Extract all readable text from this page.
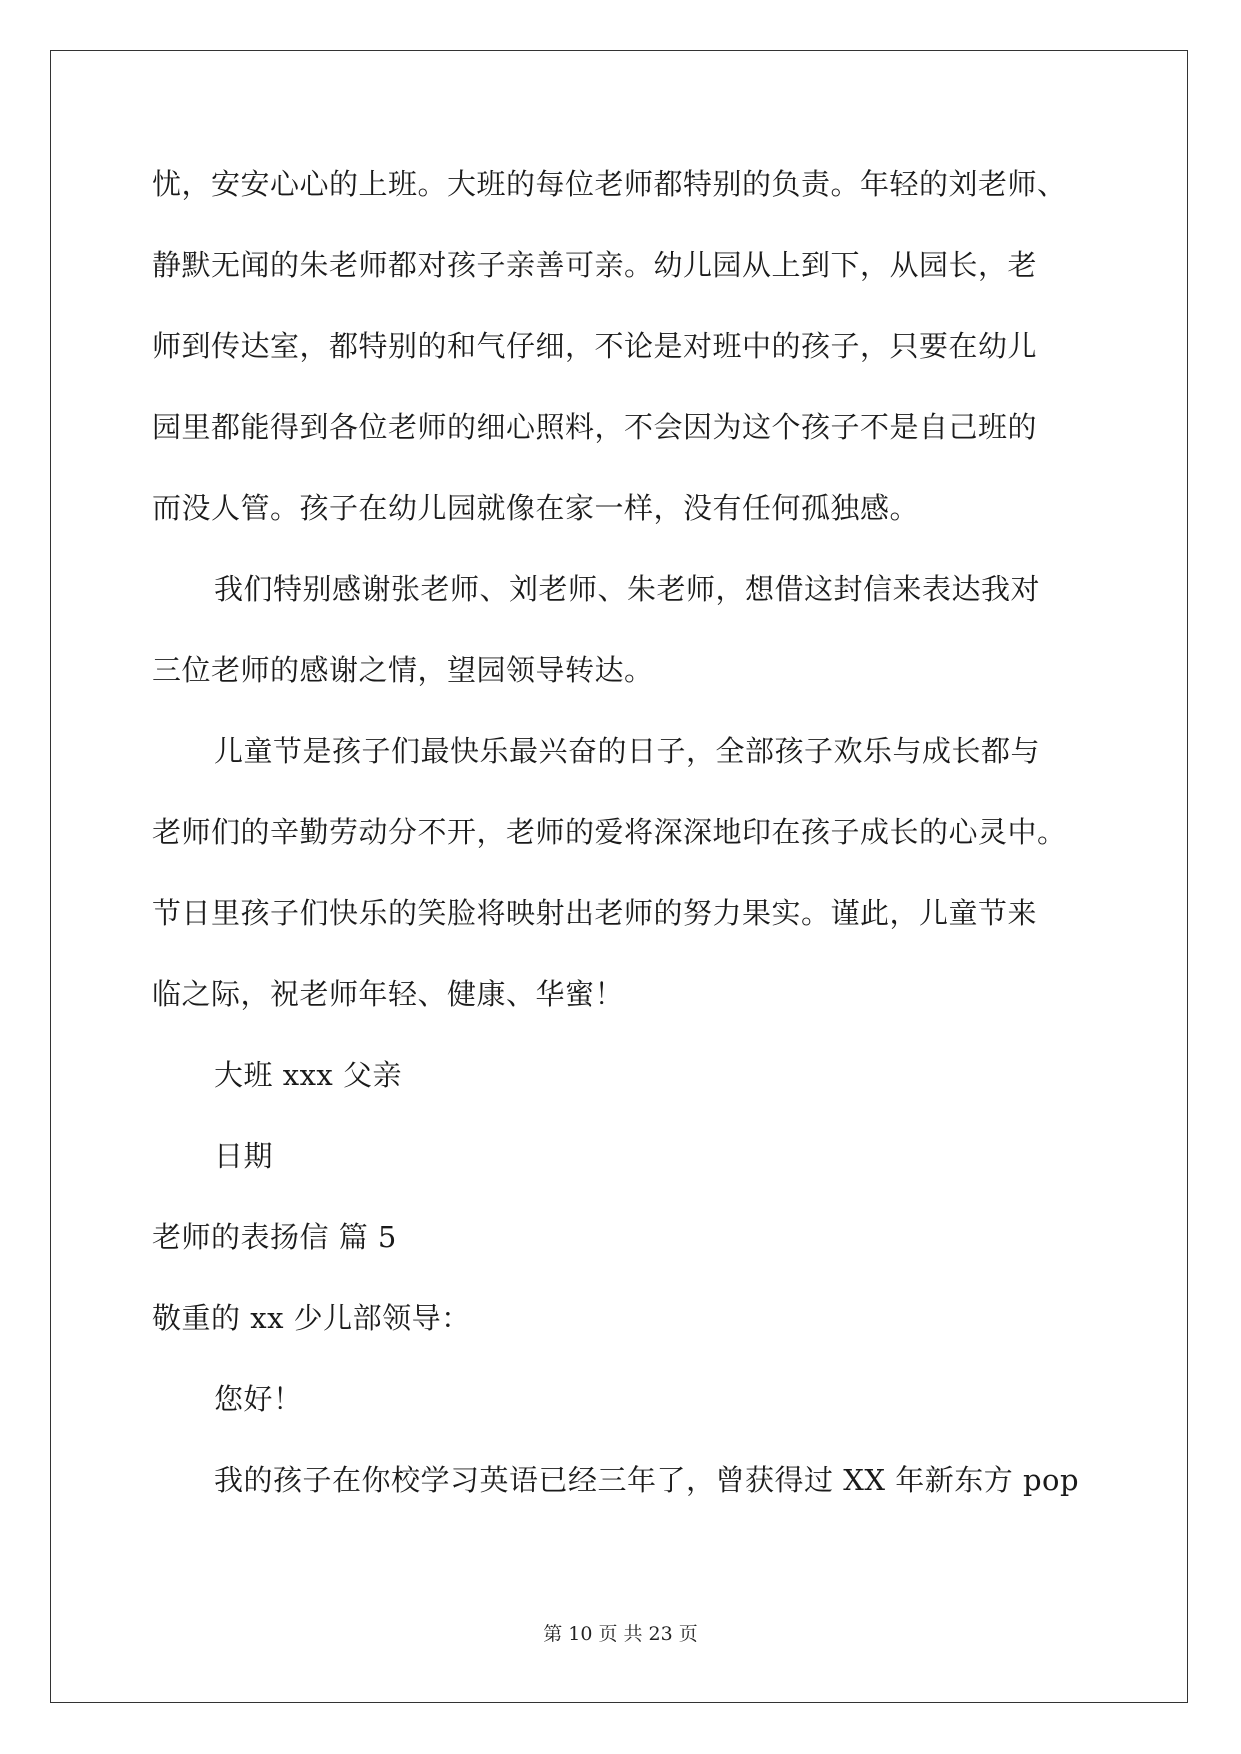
忧，安安心心的上班。大班的每位老师都特别的负责。年轻的刘老师、
静默无闻的朱老师都对孩子亲善可亲。幼儿园从上到下，从园长，老
师到传达室，都特别的和气仔细，不论是对班中的孩子，只要在幼儿
园里都能得到各位老师的细心照料，不会因为这个孩子不是自己班的
而没人管。孩子在幼儿园就像在家一样，没有任何孤独感。
我们特别感谢张老师、刘老师、朱老师，想借这封信来表达我对
三位老师的感谢之情，望园领导转达。
儿童节是孩子们最快乐最兴奋的日子，全部孩子欢乐与成长都与
老师们的辛勤劳动分不开，老师的爱将深深地印在孩子成长的心灵中。
节日里孩子们快乐的笑脸将映射出老师的努力果实。谨此，儿童节来
临之际，祝老师年轻、健康、华蜜！
大班 xxx 父亲
日期
老师的表扬信 篇 5
敬重的 xx 少儿部领导：
您好！
我的孩子在你校学习英语已经三年了，曾获得过 XX 年新东方 pop
第 10 页 共 23 页
